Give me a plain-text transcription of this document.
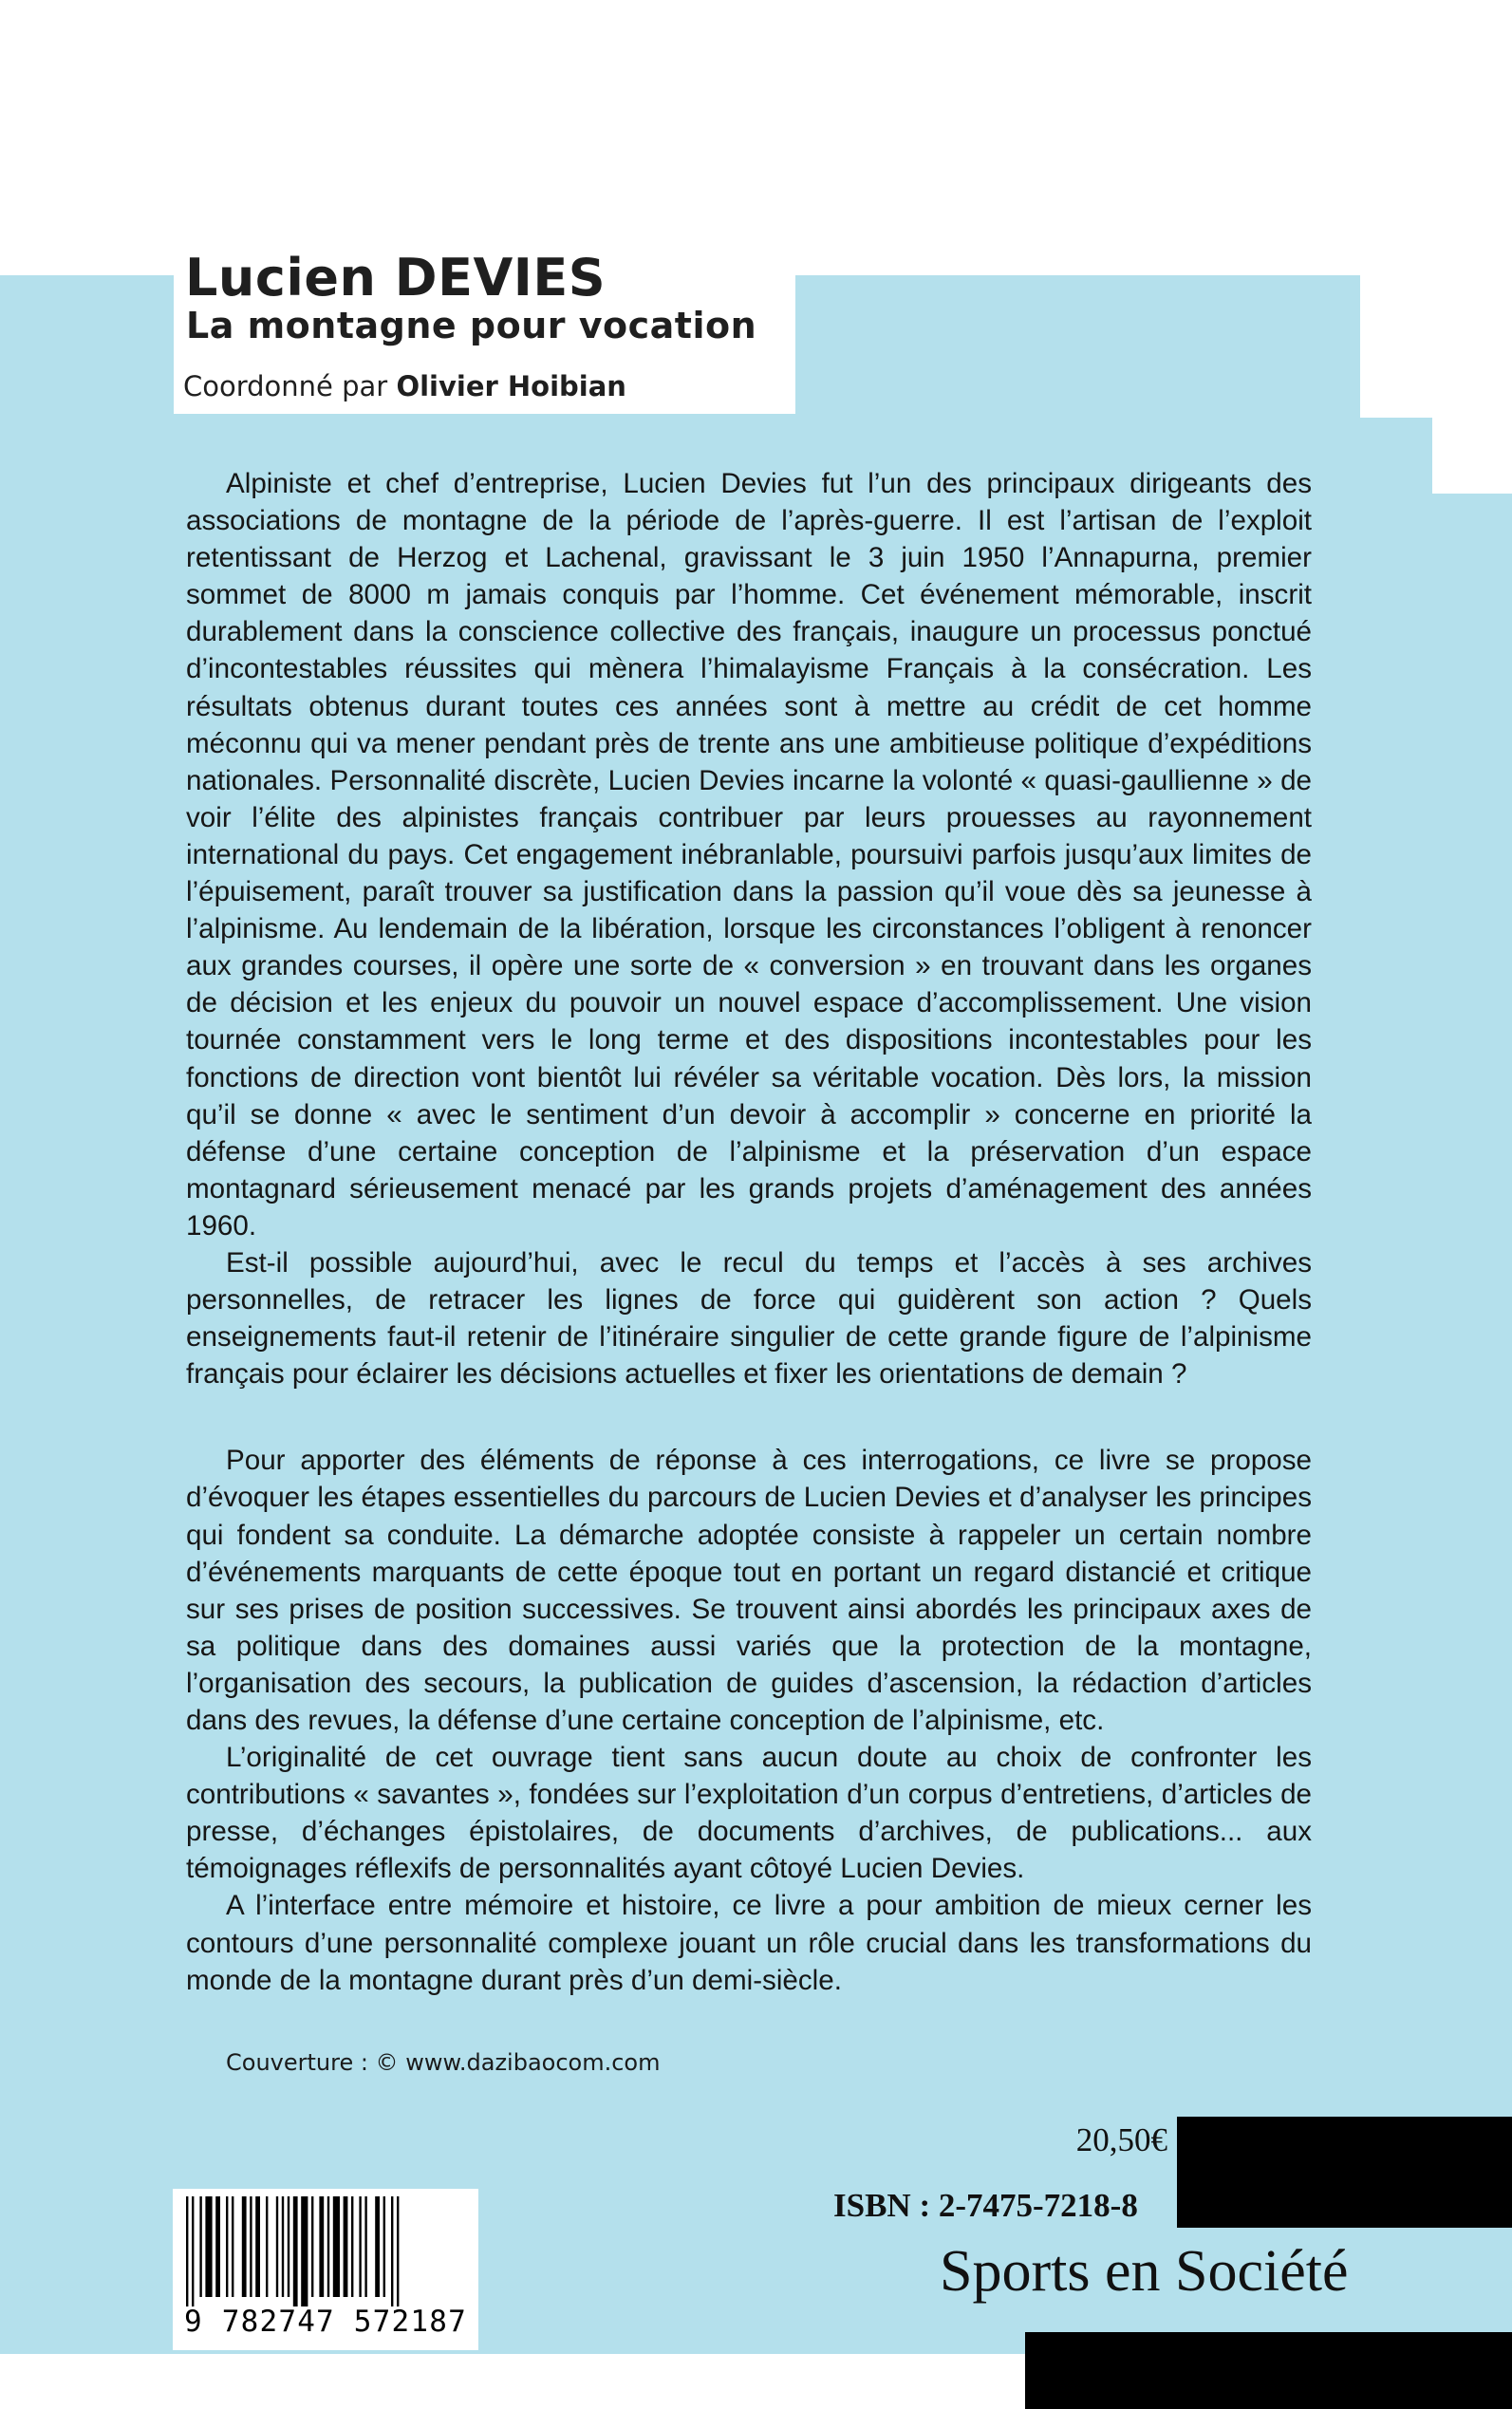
Lucien DEVIES
La montagne pour vocation

Coordonné par Olivier Hoibian

Alpiniste et chef d’entreprise, Lucien Devies fut l’un des principaux dirigeants des associations de montagne de la période de l’après-guerre. Il est l’artisan de l’exploit retentissant de Herzog et Lachenal, gravissant le 3 juin 1950 l’Annapurna, premier sommet de 8000 m jamais conquis par l’homme. Cet événement mémorable, inscrit durablement dans la conscience collective des français, inaugure un processus ponctué d’incontestables réussites qui mènera l’himalayisme Français à la consécration. Les résultats obtenus durant toutes ces années sont à mettre au crédit de cet homme méconnu qui va mener pendant près de trente ans une ambitieuse politique d’expéditions nationales. Personnalité discrète, Lucien Devies incarne la volonté « quasi-gaullienne » de voir l’élite des alpinistes français contribuer par leurs prouesses au rayonnement international du pays. Cet engagement inébranlable, poursuivi parfois jusqu’aux limites de l’épuisement, paraît trouver sa justification dans la passion qu’il voue dès sa jeunesse à l’alpinisme. Au lendemain de la libération, lorsque les circonstances l’obligent à renoncer aux grandes courses, il opère une sorte de « conversion » en trouvant dans les organes de décision et les enjeux du pouvoir un nouvel espace d’accomplissement. Une vision tournée constamment vers le long terme et des dispositions incontestables pour les fonctions de direction vont bientôt lui révéler sa véritable vocation. Dès lors, la mission qu’il se donne « avec le sentiment d’un devoir à accomplir » concerne en priorité la défense d’une certaine conception de l’alpinisme et la préservation d’un espace montagnard sérieusement menacé par les grands projets d’aménagement des années 1960.

Est-il possible aujourd’hui, avec le recul du temps et l’accès à ses archives personnelles, de retracer les lignes de force qui guidèrent son action ? Quels enseignements faut-il retenir de l’itinéraire singulier de cette grande figure de l’alpinisme français pour éclairer les décisions actuelles et fixer les orientations de demain ?

Pour apporter des éléments de réponse à ces interrogations, ce livre se propose d’évoquer les étapes essentielles du parcours de Lucien Devies et d’analyser les principes qui fondent sa conduite. La démarche adoptée consiste à rappeler un certain nombre d’événements marquants de cette époque tout en portant un regard distancié et critique sur ses prises de position successives. Se trouvent ainsi abordés les principaux axes de sa politique dans des domaines aussi variés que la protection de la montagne, l’organisation des secours, la publication de guides d’ascension, la rédaction d’articles dans des revues, la défense d’une certaine conception de l’alpinisme, etc.

L’originalité de cet ouvrage tient sans aucun doute au choix de confronter les contributions « savantes », fondées sur l’exploitation d’un corpus d’entretiens, d’articles de presse, d’échanges épistolaires, de documents d’archives, de publications... aux témoignages réflexifs de personnalités ayant côtoyé Lucien Devies.

A l’interface entre mémoire et histoire, ce livre a pour ambition de mieux cerner les contours d’une personnalité complexe jouant un rôle crucial dans les transformations du monde de la montagne durant près d’un demi-siècle.

Couverture : © www.dazibaocom.com

20,50€

ISBN : 2-7475-7218-8

Sports en Société

9 782747 572187
